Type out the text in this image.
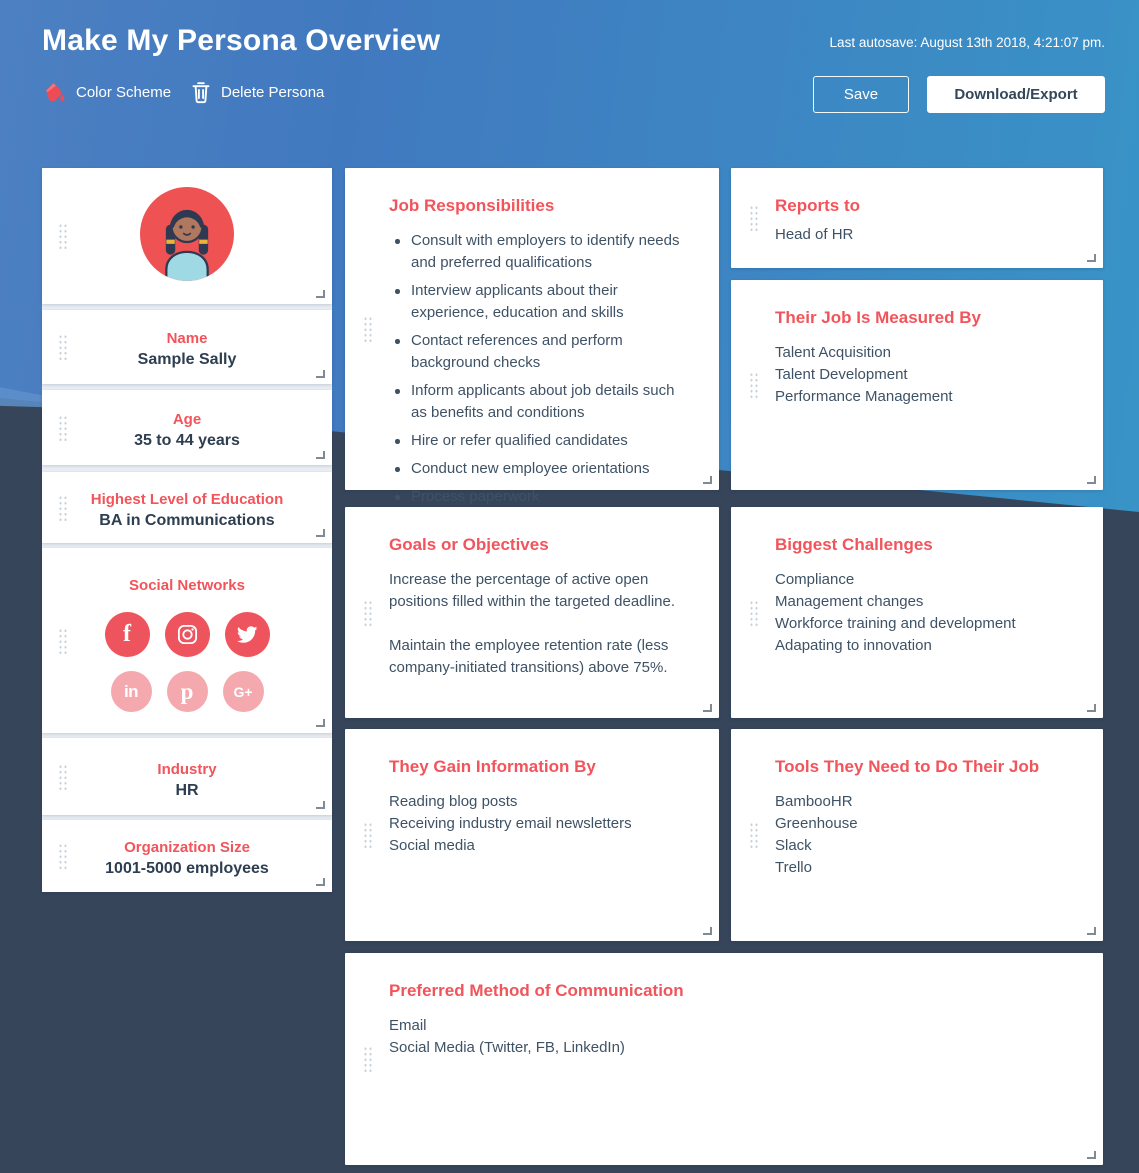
Make My Persona Overview	Last autosave: August 13th 2018, 4:21:07 pm.
Color Scheme	Delete Persona	Save	Download/Export
Name
Sample Sally
Age
35 to 44 years
Highest Level of Education
BA in Communications
Social Networks
f
in p	G+
Industry
HR
Organization Size
1001-5000 employees
Job Responsibilities
Consult with employers to identify needs and preferred qualifications
Interview applicants about their experience, education and skills
Contact references and perform background checks
Inform applicants about job details such as benefits and conditions
Hire or refer qualified candidates
Conduct new employee orientations
Process paperwork
Goals or Objectives
Increase the percentage of active open positions filled within the targeted deadline.
Maintain the employee retention rate (less company-initiated transitions) above 75%.
They Gain Information By
Reading blog posts
Receiving industry email newsletters
Social media
Reports to
Head of HR
Their Job Is Measured By
Talent Acquisition
Talent Development
Performance Management
Biggest Challenges
Compliance
Management changes
Workforce training and development
Adapating to innovation
Tools They Need to Do Their Job
BambooHR
Greenhouse
Slack
Trello
Preferred Method of Communication
Email
Social Media (Twitter, FB, LinkedIn)
